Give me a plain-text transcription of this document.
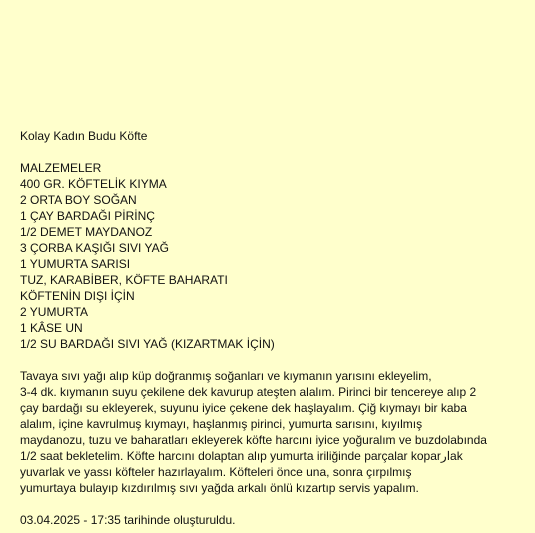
Kolay Kadın Budu Köfte
MALZEMELER
400 GR. KÖFTELİK KIYMA
2 ORTA BOY SOĞAN
1 ÇAY BARDAĞI PİRİNÇ
1/2 DEMET MAYDANOZ
3 ÇORBA KAŞIĞI SIVI YAĞ
1 YUMURTA SARISI
TUZ, KARABİBER, KÖFTE BAHARATI
KÖFTENİN DIŞI İÇİN
2 YUMURTA
1 KÂSE UN
1/2 SU BARDAĞI SIVI YAĞ (KIZARTMAK İÇİN)
Tavaya sıvı yağı alıp küp doğranmış soğanları ve kıymanın yarısını ekleyelim,
3-4 dk. kıymanın suyu çekilene dek kavurup ateşten alalım. Pirinci bir tencereye alıp 2
çay bardağı su ekleyerek, suyunu iyice çekene dek haşlayalım. Çiğ kıymayı bir kaba
alalım, içine kavrulmuş kıymayı, haşlanmış pirinci, yumurta sarısını, kıyılmış
maydanozu, tuzu ve baharatları ekleyerek köfte harcını iyice yoğuralım ve buzdolabında
1/2 saat bekletelim. Köfte harcını dolaptan alıp yumurta iriliğinde parçalar koparارak
yuvarlak ve yassı köfteler hazırlayalım. Köfteleri önce una, sonra çırpılmış
yumurtaya bulayıp kızdırılmış sıvı yağda arkalı önlü kızartıp servis yapalım.
03.04.2025 - 17:35 tarihinde oluşturuldu.
